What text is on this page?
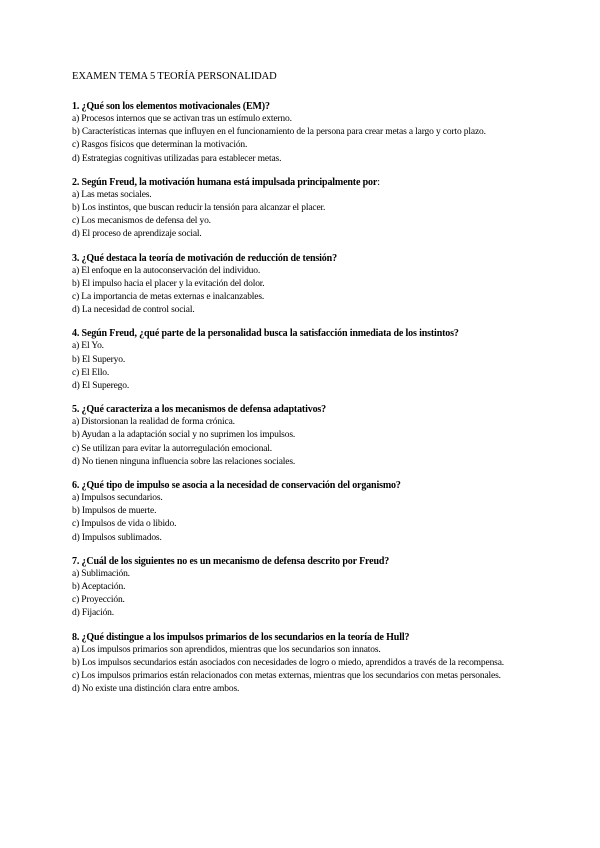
EXAMEN TEMA 5 TEORÍA PERSONALIDAD
1. ¿Qué son los elementos motivacionales (EM)?
a) Procesos internos que se activan tras un estímulo externo.
b) Características internas que influyen en el funcionamiento de la persona para crear metas a largo y corto plazo.
c) Rasgos físicos que determinan la motivación.
d) Estrategias cognitivas utilizadas para establecer metas.
2. Según Freud, la motivación humana está impulsada principalmente por:
a) Las metas sociales.
b) Los instintos, que buscan reducir la tensión para alcanzar el placer.
c) Los mecanismos de defensa del yo.
d) El proceso de aprendizaje social.
3. ¿Qué destaca la teoría de motivación de reducción de tensión?
a) El enfoque en la autoconservación del individuo.
b) El impulso hacia el placer y la evitación del dolor.
c) La importancia de metas externas e inalcanzables.
d) La necesidad de control social.
4. Según Freud, ¿qué parte de la personalidad busca la satisfacción inmediata de los instintos?
a) El Yo.
b) El Superyo.
c) El Ello.
d) El Superego.
5. ¿Qué caracteriza a los mecanismos de defensa adaptativos?
a) Distorsionan la realidad de forma crónica.
b) Ayudan a la adaptación social y no suprimen los impulsos.
c) Se utilizan para evitar la autorregulación emocional.
d) No tienen ninguna influencia sobre las relaciones sociales.
6. ¿Qué tipo de impulso se asocia a la necesidad de conservación del organismo?
a) Impulsos secundarios.
b) Impulsos de muerte.
c) Impulsos de vida o libido.
d) Impulsos sublimados.
7. ¿Cuál de los siguientes no es un mecanismo de defensa descrito por Freud?
a) Sublimación.
b) Aceptación.
c) Proyección.
d) Fijación.
8. ¿Qué distingue a los impulsos primarios de los secundarios en la teoría de Hull?
a) Los impulsos primarios son aprendidos, mientras que los secundarios son innatos.
b) Los impulsos secundarios están asociados con necesidades de logro o miedo, aprendidos a través de la recompensa.
c) Los impulsos primarios están relacionados con metas externas, mientras que los secundarios con metas personales.
d) No existe una distinción clara entre ambos.
